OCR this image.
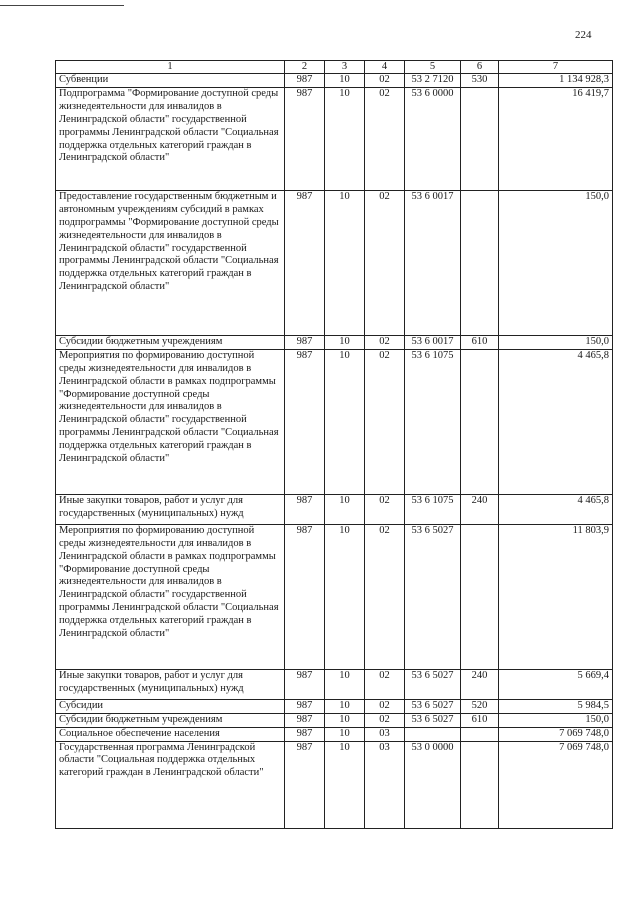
224
1	2	3	4	5	6	7
Субвенции	987	10	02	53 2 7120	530	1 134 928,3
Подпрограмма "Формирование доступной среды жизнедеятельности для инвалидов в Ленинградской области" государственной программы Ленинградской области "Социальная поддержка отдельных категорий граждан в Ленинградской области"	987	10	02	53 6 0000		16 419,7
Предоставление государственным бюджетным и автономным учреждениям субсидий в рамках подпрограммы "Формирование доступной среды жизнедеятельности для инвалидов в Ленинградской области" государственной программы Ленинградской области "Социальная поддержка отдельных категорий граждан в Ленинградской области"	987	10	02	53 6 0017		150,0
Субсидии бюджетным учреждениям	987	10	02	53 6 0017	610	150,0
Мероприятия по формированию доступной среды жизнедеятельности для инвалидов в Ленинградской области в рамках подпрограммы "Формирование доступной среды жизнедеятельности для инвалидов в Ленинградской области" государственной программы Ленинградской области "Социальная поддержка отдельных категорий граждан в Ленинградской области"	987	10	02	53 6 1075		4 465,8
Иные закупки товаров, работ и услуг для государственных (муниципальных) нужд	987	10	02	53 6 1075	240	4 465,8
Мероприятия по формированию доступной среды жизнедеятельности для инвалидов в Ленинградской области в рамках подпрограммы "Формирование доступной среды жизнедеятельности для инвалидов в Ленинградской области" государственной программы Ленинградской области "Социальная поддержка отдельных категорий граждан в Ленинградской области"	987	10	02	53 6 5027		11 803,9
Иные закупки товаров, работ и услуг для государственных (муниципальных) нужд	987	10	02	53 6 5027	240	5 669,4
Субсидии	987	10	02	53 6 5027	520	5 984,5
Субсидии бюджетным учреждениям	987	10	02	53 6 5027	610	150,0
Социальное обеспечение населения	987	10	03			7 069 748,0
Государственная программа Ленинградской области "Социальная поддержка отдельных категорий граждан в Ленинградской области"	987	10	03	53 0 0000		7 069 748,0
